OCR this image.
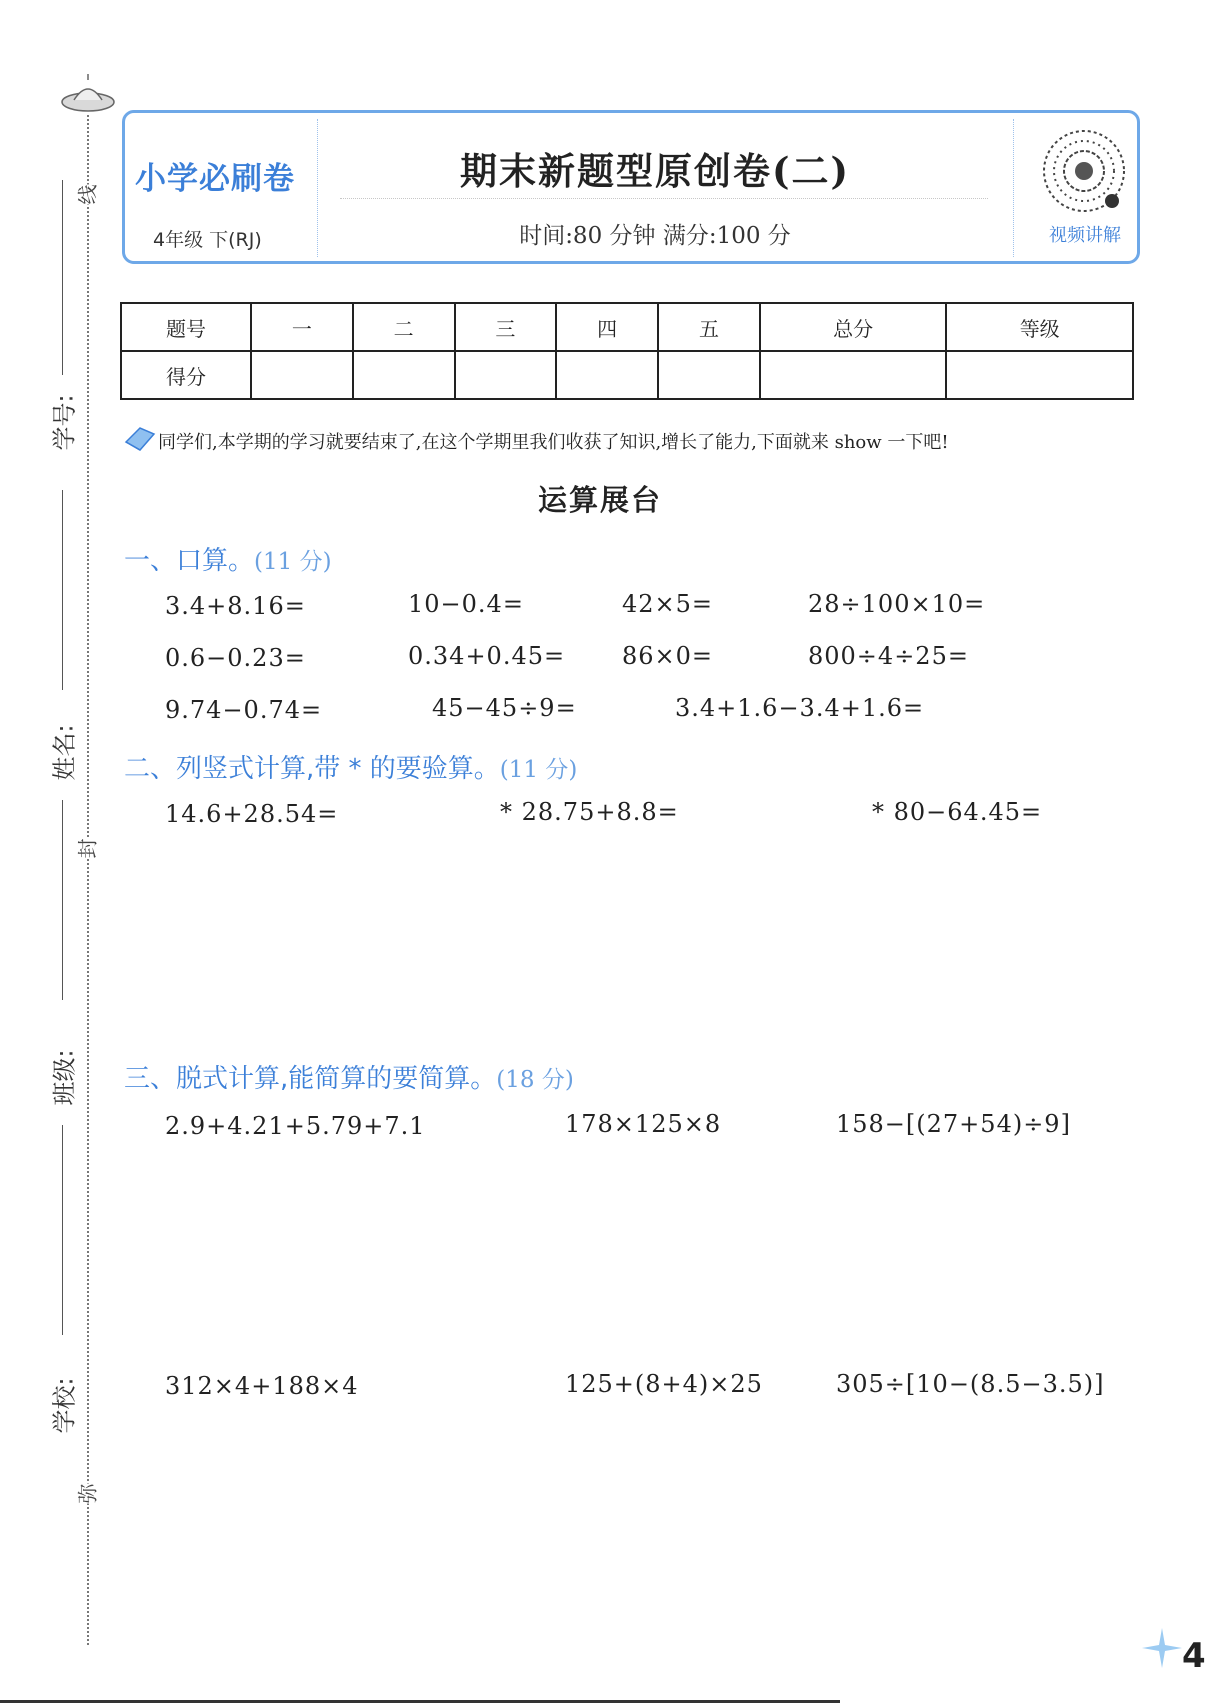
学号:
姓名:
班级:
学校:
线
封
弥
小学必刷卷
4年级 下(RJ)
期末新题型原创卷(二)
时间:80 分钟 满分:100 分	视频讲解
题号	一	二	三	四	五	总分	等级
得分							
同学们,本学期的学习就要结束了,在这个学期里我们收获了知识,增长了能力,下面就来 show 一下吧!
运算展台
一、口算。(11 分)
3.4+8.16=	10−0.4=	42×5=	28÷100×10=
0.6−0.23=	0.34+0.45= 86×0=	800÷4÷25=
9.74−0.74=	45−45÷9=	3.4+1.6−3.4+1.6=
二、列竖式计算,带 * 的要验算。(11 分)
14.6+28.54=	* 28.75+8.8=	* 80−64.45=
三、脱式计算,能简算的要简算。(18 分)
2.9+4.21+5.79+7.1	178×125×8	158−[(27+54)÷9]
312×4+188×4	125+(8+4)×25	305÷[10−(8.5−3.5)]
4
